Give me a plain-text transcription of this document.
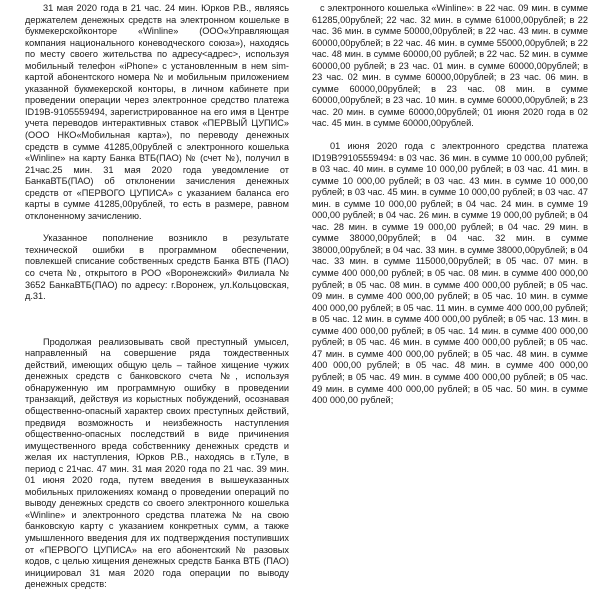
31 мая 2020 года в 21 час. 24 мин. Юрков Р.В., являясь держателем денежных средств на электронном кошельке в букмекерскойконторе «Winline» (ООО«Управляющая компания национального коневодческого союза»), находясь по месту своего жительства по адресу<адрес>, используя мобильный телефон «iPhone» с установленным в нем sim-картой абонентского номера № и мобильным приложением указанной букмекерской конторы, в личном кабинете при проведении операции через электронное средство платежа ID19В-9105559494, зарегистрированное на его имя в Центре учета переводов интерактивных ставок «ПЕРВЫЙ ЦУПИС» (ООО НКО«Мобильная карта»), по переводу денежных средств в сумме 41285,00рублей с электронного кошелька «Winline» на карту Банка ВТБ(ПАО) № (счет №), получил в 21час.25 мин. 31 мая 2020 года уведомление от БанкаВТБ(ПАО) об отклонении зачисления денежных средств от «ПЕРВОГО ЦУПИСА» с указанием баланса его карты в сумме 41285,00рублей, то есть в размере, равном отклоненному зачислению.

Указанное пополнение возникло в результате технической ошибки в программном обеспечении, повлекшей списание собственных средств Банка ВТБ (ПАО) со счета №, открытого в РОО «Воронежский» Филиала № 3652 БанкаВТБ(ПАО) по адресу: г.Воронеж, ул.Кольцовская, д.31.

Продолжая реализовывать свой преступный умысел, направленный на совершение ряда тождественных действий, имеющих общую цель – тайное хищение чужих денежных средств с банковского счета №, используя обнаруженную им программную ошибку в проведении транзакций, действуя из корыстных побуждений, осознавая общественно-опасный характер своих преступных действий, предвидя возможность и неизбежность наступления общественно-опасных последствий в виде причинения имущественного вреда собственнику денежных средств и желая их наступления, Юрков Р.В., находясь в г.Туле, в период с 21час. 47 мин. 31 мая 2020 года по 21 час. 39 мин. 01 июня 2020 года, путем введения в вышеуказанных мобильных приложениях команд о проведении операций по выводу денежных средств со своего электронного кошелька «Winline» и электронного средства платежа № на свою банковскую карту с указанием конкретных сумм, а также умышленного введения для их подтверждения поступивших от «ПЕРВОГО ЦУПИСА» на его абонентский № разовых кодов, с целью хищения денежных средств Банка ВТБ (ПАО) инициировал 31 мая 2020 года операции по выводу денежных средств:

с электронного кошелька «Winline»: в 22 час. 09 мин. в сумме 61285,00рублей; 22 час. 32 мин. в сумме 61000,00рублей; в 22 час. 36 мин. в сумме 50000,00рублей; в 22 час. 43 мин. в сумме 60000,00рублей; в 22 час. 46 мин. в сумме 55000,00рублей; в 22 час. 48 мин. в сумме 60000,00 рублей; в 22 час. 52 мин. в сумме 60000,00 рублей; в 23 час. 01 мин. в сумме 60000,00рублей; в 23 час. 02 мин. в сумме 60000,00рублей; в 23 час. 06 мин. в сумме 60000,00рублей; в 23 час. 08 мин. в сумме 60000,00рублей; в 23 час. 10 мин. в сумме 60000,00рублей; в 23 час. 20 мин. в сумме 60000,00рублей; 01 июня 2020 года в 02 час. 45 мин. в сумме 60000,00рублей.

01 июня 2020 года с электронного средства платежа ID19В?9105559494: в 03 час. 36 мин. в сумме 10 000,00 рублей; в 03 час. 40 мин. в сумме 10 000,00 рублей; в 03 час. 41 мин. в сумме 10 000,00 рублей; в 03 час. 43 мин. в сумме 10 000,00 рублей; в 03 час. 45 мин. в сумме 10 000,00 рублей; в 03 час. 47 мин. в сумме 10 000,00 рублей; в 04 час. 24 мин. в сумме 19 000,00 рублей; в 04 час. 26 мин. в сумме 19 000,00 рублей; в 04 час. 28 мин. в сумме 19 000,00 рублей; в 04 час. 29 мин. в сумме 38000,00рублей; в 04 час. 32 мин. в сумме 38000,00рублей; в 04 час. 33 мин. в сумме 38000,00рублей; в 04 час. 33 мин. в сумме 115000,00рублей; в 05 час. 07 мин. в сумме 400 000,00 рублей; в 05 час. 08 мин. в сумме 400 000,00 рублей; в 05 час. 08 мин. в сумме 400 000,00 рублей; в 05 час. 09 мин. в сумме 400 000,00 рублей; в 05 час. 10 мин. в сумме 400 000,00 рублей; в 05 час. 11 мин. в сумме 400 000,00 рублей; в 05 час. 12 мин. в сумме 400 000,00 рублей; в 05 час. 13 мин. в сумме 400 000,00 рублей; в 05 час. 14 мин. в сумме 400 000,00 рублей; в 05 час. 46 мин. в сумме 400 000,00 рублей; в 05 час. 47 мин. в сумме 400 000,00 рублей; в 05 час. 48 мин. в сумме 400 000,00 рублей; в 05 час. 48 мин. в сумме 400 000,00 рублей; в 05 час. 49 мин. в сумме 400 000,00 рублей; в 05 час. 49 мин. в сумме 400 000,00 рублей; в 05 час. 50 мин. в сумме 400 000,00 рублей;
